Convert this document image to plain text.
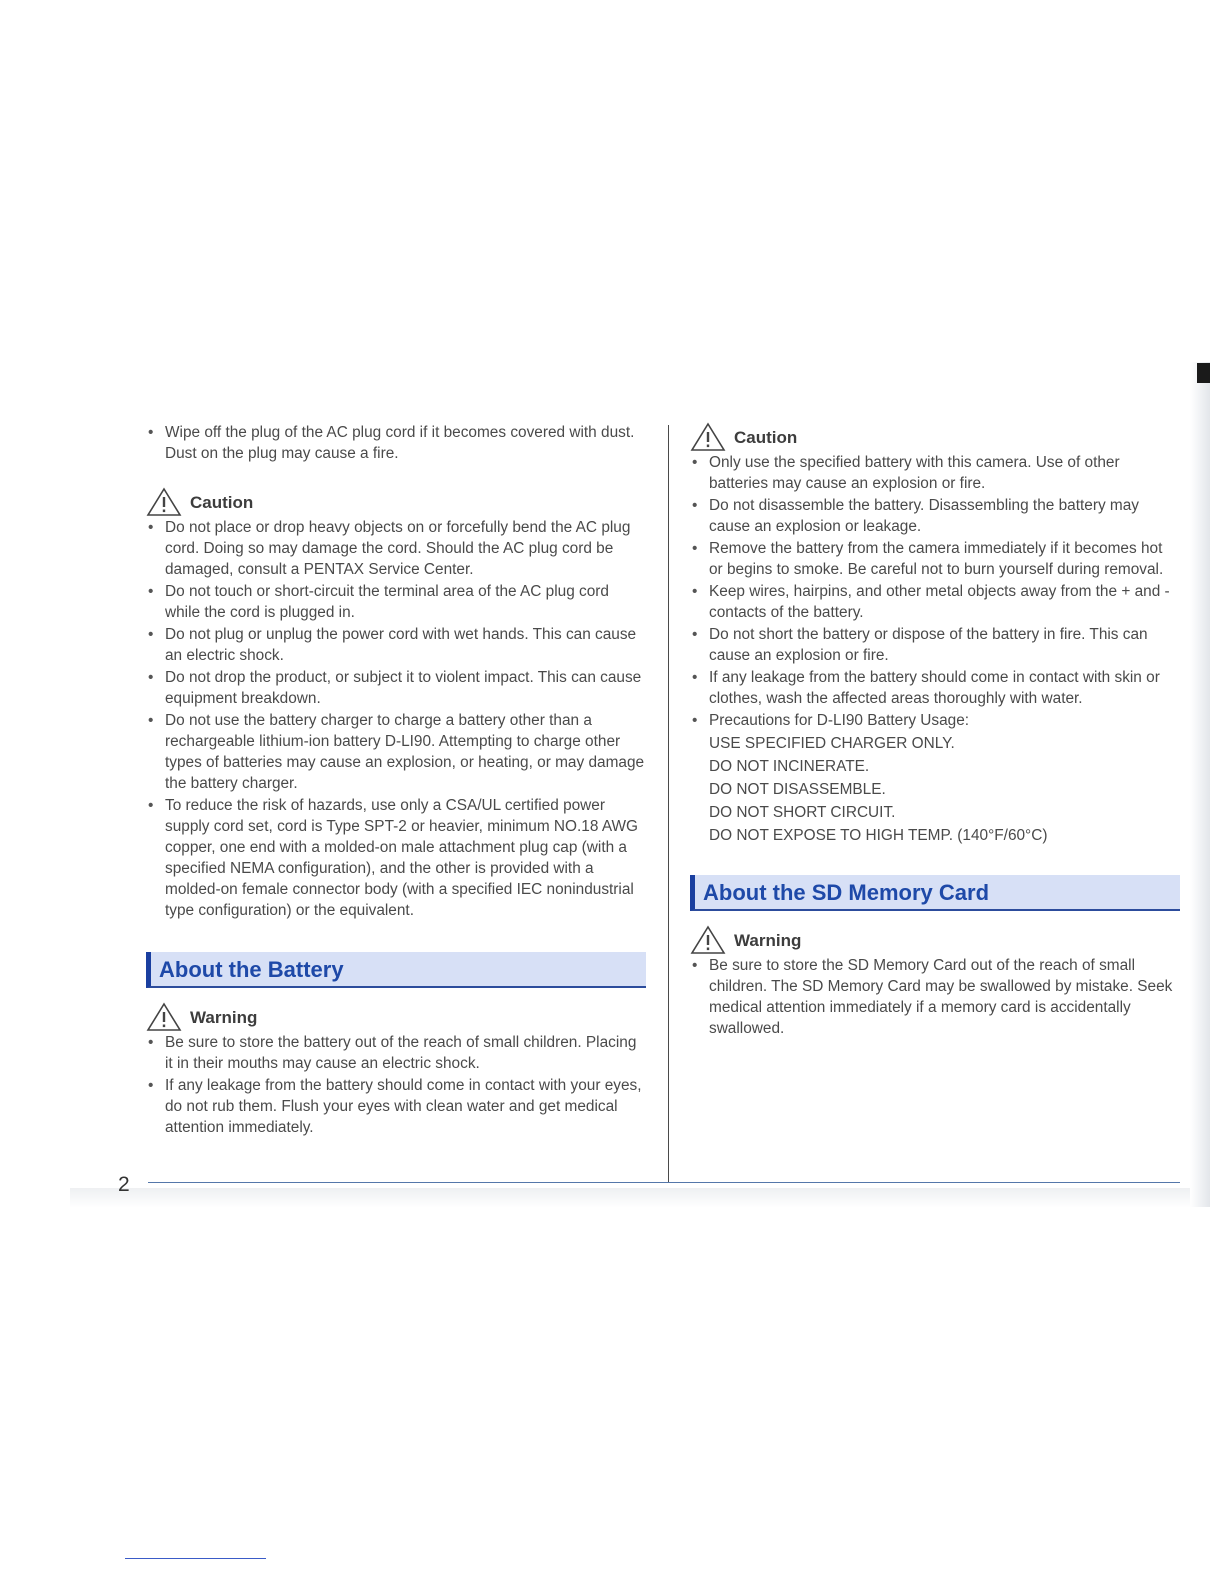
• Wipe off the plug of the AC plug cord if it becomes covered with dust. Dust on the plug may cause a fire.
Caution
• Do not place or drop heavy objects on or forcefully bend the AC plug cord. Doing so may damage the cord. Should the AC plug cord be damaged, consult a PENTAX Service Center.
• Do not touch or short-circuit the terminal area of the AC plug cord while the cord is plugged in.
• Do not plug or unplug the power cord with wet hands. This can cause an electric shock.
• Do not drop the product, or subject it to violent impact. This can cause equipment breakdown.
• Do not use the battery charger to charge a battery other than a rechargeable lithium-ion battery D-LI90. Attempting to charge other types of batteries may cause an explosion, or heating, or may damage the battery charger.
• To reduce the risk of hazards, use only a CSA/UL certified power supply cord set, cord is Type SPT-2 or heavier, minimum NO.18 AWG copper, one end with a molded-on male attachment plug cap (with a specified NEMA configuration), and the other is provided with a molded-on female connector body (with a specified IEC nonindustrial type configuration) or the equivalent.
About the Battery
Warning
• Be sure to store the battery out of the reach of small children. Placing it in their mouths may cause an electric shock.
• If any leakage from the battery should come in contact with your eyes, do not rub them. Flush your eyes with clean water and get medical attention immediately.
Caution
• Only use the specified battery with this camera. Use of other batteries may cause an explosion or fire.
• Do not disassemble the battery. Disassembling the battery may cause an explosion or leakage.
• Remove the battery from the camera immediately if it becomes hot or begins to smoke. Be careful not to burn yourself during removal.
• Keep wires, hairpins, and other metal objects away from the + and - contacts of the battery.
• Do not short the battery or dispose of the battery in fire. This can cause an explosion or fire.
• If any leakage from the battery should come in contact with skin or clothes, wash the affected areas thoroughly with water.
• Precautions for D-LI90 Battery Usage:
USE SPECIFIED CHARGER ONLY.
DO NOT INCINERATE.
DO NOT DISASSEMBLE.
DO NOT SHORT CIRCUIT.
DO NOT EXPOSE TO HIGH TEMP. (140°F/60°C)
About the SD Memory Card
Warning
• Be sure to store the SD Memory Card out of the reach of small children. The SD Memory Card may be swallowed by mistake. Seek medical attention immediately if a memory card is accidentally swallowed.
2
